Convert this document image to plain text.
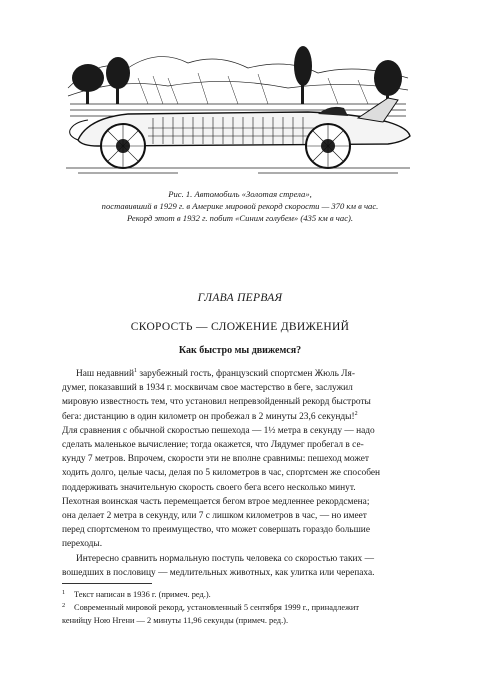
Рис. 1. Автомобиль «Золотая стрела»,
поставивший в 1929 г. в Америке мировой рекорд скорости — 370 км в час.
Рекорд этот в 1932 г. побит «Синим голубем» (435 км в час).
ГЛАВА ПЕРВАЯ
СКОРОСТЬ — СЛОЖЕНИЕ ДВИЖЕНИЙ
Как быстро мы движемся?
Наш недавний$^1$ зарубежный гость, французский спортсмен Жюль Ля-
думег, показавший в 1934 г. москвичам свое мастерство в беге, заслужил
мировую известность тем, что установил непревзойденный рекорд быстроты
бега: дистанцию в один километр он пробежал в 2 минуты 23,6 секунды!$^2$
Для сравнения с обычной скоростью пешехода — 1½ метра в секунду — надо
сделать маленькое вычисление; тогда окажется, что Лядумег пробегал в се-
кунду 7 метров. Впрочем, скорости эти не вполне сравнимы: пешеход может
ходить долго, целые часы, делая по 5 километров в час, спортсмен же способен
поддерживать значительную скорость своего бега всего несколько минут.
Пехотная воинская часть перемещается бегом втрое медленнее рекордсмена;
она делает 2 метра в секунду, или 7 с лишком километров в час, — но имеет
перед спортсменом то преимущество, что может совершать гораздо большие
переходы.
Интересно сравнить нормальную поступь человека со скоростью таких —
вошедших в пословицу — медлительных животных, как улитка или черепаха.
1 Текст написан в 1936 г. (примеч. ред.).
2 Современный мировой рекорд, установленный 5 сентября 1999 г., принадлежит
кенийцу Ною Нгени — 2 минуты 11,96 секунды (примеч. ред.).
